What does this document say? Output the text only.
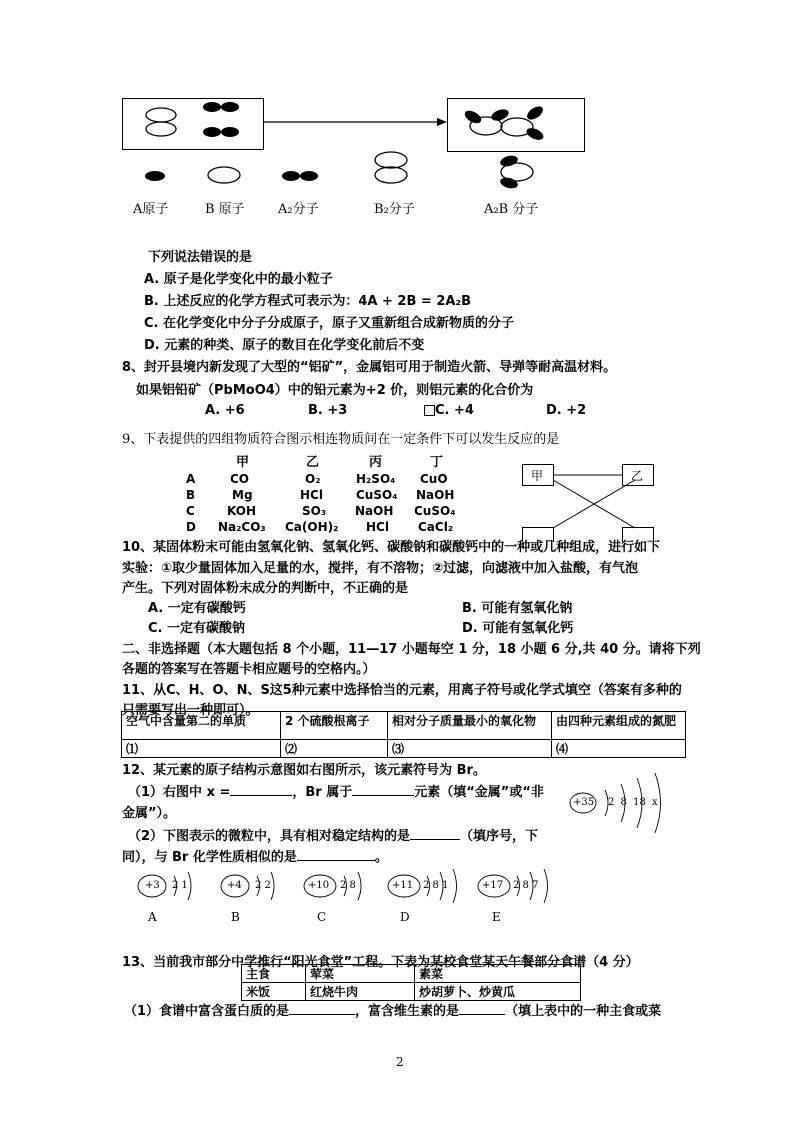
A原子	B 原子	A₂分子	B₂分子	A₂B 分子
下列说法错误的是
A. 原子是化学变化中的最小粒子
B. 上述反应的化学方程式可表示为：4A + 2B = 2A₂B
C. 在化学变化中分子分成原子，原子又重新组合成新物质的分子
D. 元素的种类、原子的数目在化学变化前后不变
8、封开县境内新发现了大型的“铝矿”，金属铝可用于制造火箭、导弹等耐高温材料。
如果铝铅矿（PbMoO4）中的铅元素为+2 价，则铝元素的化合价为
A. +6	B. +3	C. +4	D. +2
9、下表提供的四组物质符合图示相连物质间在一定条件下可以发生反应的是
甲	乙	丙	丁
A	CO	O₂	H₂SO₄ CuO
B	Mg	HCl	CuSO₄ NaOH
C	KOH	SO₃ NaOH CuSO₄
D Na₂CO₃ Ca(OH)₂ HCl CaCl₂
甲	乙
10、某固体粉末可能由氢氧化钠、氢氧化钙、碳酸钠和碳酸钙中的一种或几种组成，进行如下
实验：①取少量固体加入足量的水，搅拌，有不溶物；②过滤，向滤液中加入盐酸，有气泡
产生。下列对固体粉末成分的判断中，不正确的是
A. 一定有碳酸钙	B. 可能有氢氧化钠
C. 一定有碳酸钠	D. 可能有氢氧化钙
二、非选择题（本大题包括 8 个小题，11—17 小题每空 1 分，18 小题 6 分,共 40 分。请将下列
各题的答案写在答题卡相应题号的空格内。）
11、从C、H、O、N、S这5种元素中选择恰当的元素，用离子符号或化学式填空（答案有多种的
只需要写出一种即可）。
空气中含量第二的单质	2 个硫酸根离子	相对分子质量最小的氧化物	由四种元素组成的氮肥
⑴	⑵	⑶	⑷
12、某元素的原子结构示意图如右图所示，该元素符号为 Br。
（1）右图中 x =	，Br 属于	元素（填“金属”或“非
金属”）。
（2）下图表示的微粒中，具有相对稳定结构的是	（填序号，下
同），与 Br 化学性质相似的是	。
+35 2 8 18 x
+3 2 1
A
+4 2 2
B
+10 2 8
C
+11 2 8 1
D
+17 2 8 7
E
13、当前我市部分中学推行“阳光食堂”工程。下表为某校食堂某天午餐部分食谱（4 分）
主食	荤菜	素菜
米饭	红烧牛肉	炒胡萝卜、炒黄瓜
（1）食谱中富含蛋白质的是	，富含维生素的是	（填上表中的一种主食或菜
2
